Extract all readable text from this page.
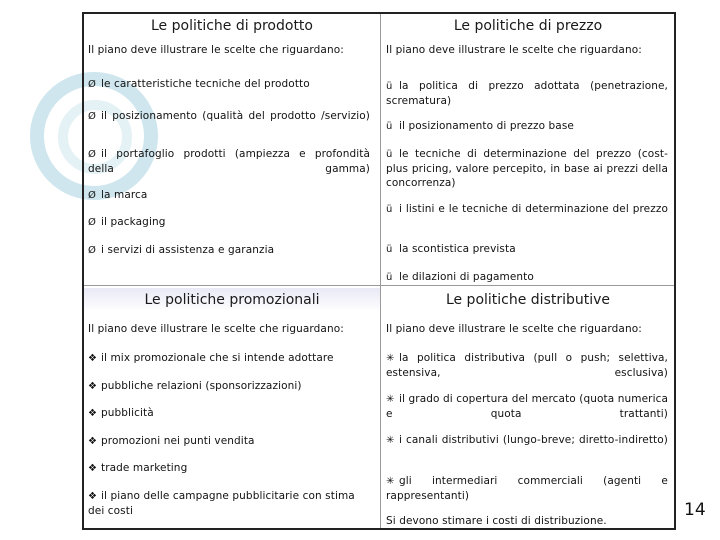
Le politiche di prodotto	Le politiche di prezzo
Le politiche promozionali	Le politiche distributive
Il piano deve illustrare le scelte che riguardano:
Ø le caratteristiche tecniche del prodotto
Ø il posizionamento (qualità del prodotto /servizio)
Ø il portafoglio prodotti (ampiezza e profondità della gamma)
Ø la marca
Ø il packaging
Ø i servizi di assistenza e garanzia
Il piano deve illustrare le scelte che riguardano:
ü la politica di prezzo adottata (penetrazione, scrematura)
ü il posizionamento di prezzo base
ü le tecniche di determinazione del prezzo (cost-plus pricing, valore percepito, in base ai prezzi della concorrenza)
ü i listini e le tecniche di determinazione del prezzo
ü la scontistica prevista
ü le dilazioni di pagamento
Il piano deve illustrare le scelte che riguardano:
❖ il mix promozionale che si intende adottare
❖ pubbliche relazioni (sponsorizzazioni)
❖ pubblicità
❖ promozioni nei punti vendita
❖ trade marketing
❖ il piano delle campagne pubblicitarie con stima dei costi
Il piano deve illustrare le scelte che riguardano:
✳ la politica distributiva (pull o push; selettiva, estensiva, esclusiva)
✳ il grado di copertura del mercato (quota numerica e quota trattanti)
✳ i canali distributivi (lungo-breve; diretto-indiretto)
✳ gli intermediari commerciali (agenti e rappresentanti)
Si devono stimare i costi di distribuzione.
14
